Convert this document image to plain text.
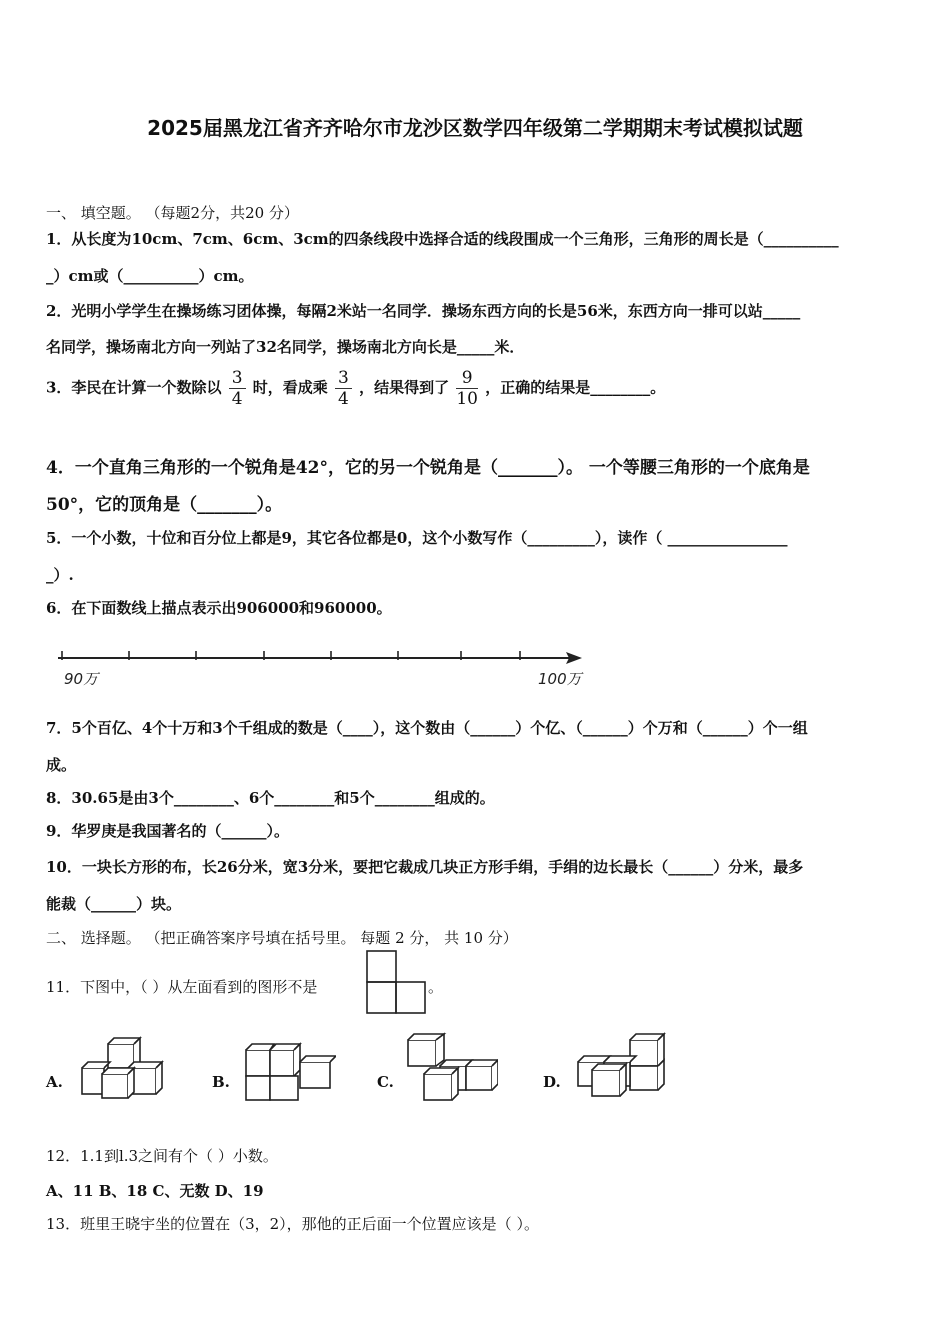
2025届黑龙江省齐齐哈尔市龙沙区数学四年级第二学期期末考试模拟试题
一、 填空题。 （每题2分，共20 分）
1．从长度为10cm、7cm、6cm、3cm的四条线段中选择合适的线段围成一个三角形，三角形的周长是（__________
_）cm或（__________）cm。
2．光明小学学生在操场练习团体操，每隔2米站一名同学．操场东西方向的长是56米，东西方向一排可以站_____
名同学，操场南北方向一列站了32名同学，操场南北方向长是_____米．
3．李民在计算一个数除以 $\frac{3}{4}$ 时，看成乘 $\frac{3}{4}$ ，结果得到了 $\frac{9}{10}$ ，正确的结果是________。
4．一个直角三角形的一个锐角是42°，它的另一个锐角是（_______）。 一个等腰三角形的一个底角是
50°，它的顶角是（_______）。
5．一个小数，十位和百分位上都是9，其它各位都是0，这个小数写作（_________），读作（ ________________
_）.
6．在下面数线上描点表示出906000和960000。
90万	100万
7．5个百亿、4个十万和3个千组成的数是（____），这个数由（______）个亿、（______）个万和（______）个一组
成。
8．30.65是由3个________、6个________和5个________组成的。
9．华罗庚是我国著名的（______）。
10．一块长方形的布，长26分米，宽3分米，要把它裁成几块正方形手绢，手绢的边长最长（______）分米，最多
能裁（______）块。
二、 选择题。 （把正确答案序号填在括号里。 每题 2 分， 共 10 分）
11．下图中，（ ）从左面看到的图形不是	。
A.	B.	C.	D.
12．1.1到l.3之间有个（ ）小数。
A、11 B、18 C、无数 D、19
13．班里王晓宇坐的位置在（3，2），那他的正后面一个位置应该是（ ）。
